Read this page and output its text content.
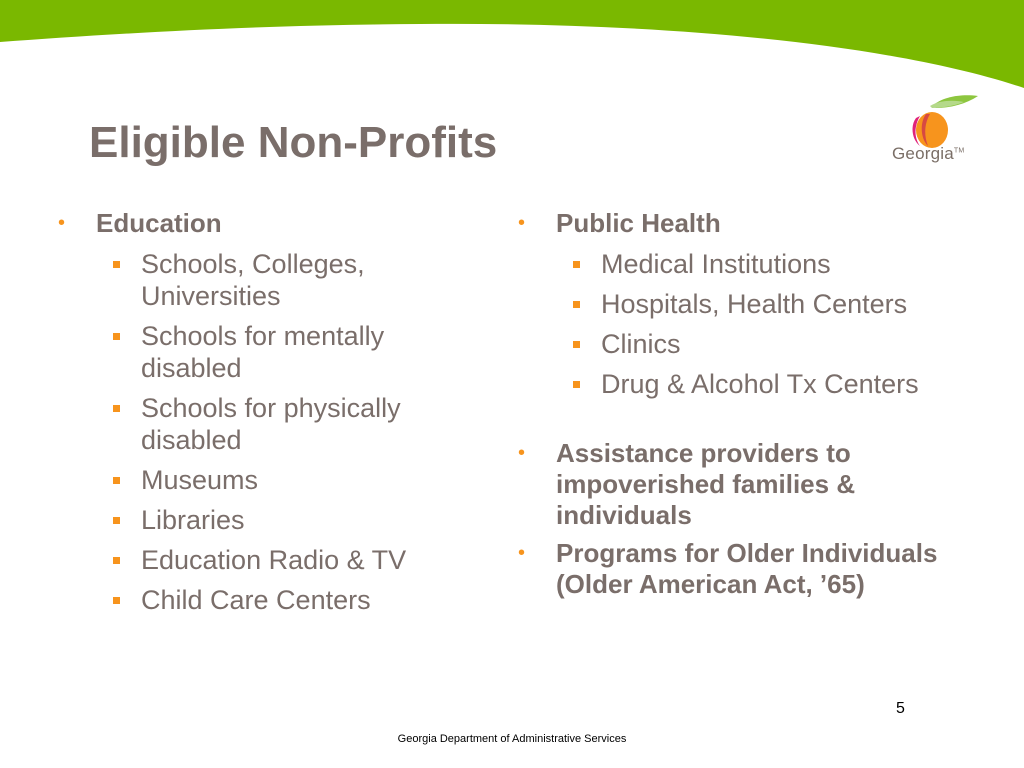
Georgia™
Eligible Non-Profits
• Education
Schools, Colleges, Universities
Schools for mentally disabled
Schools for physically disabled
Museums
Libraries
Education Radio & TV
Child Care Centers
• Public Health
Medical Institutions
Hospitals, Health Centers
Clinics
Drug & Alcohol Tx Centers
• Assistance providers to impoverished families & individuals
• Programs for Older Individuals (Older American Act, ’65)
5
Georgia Department of Administrative Services
